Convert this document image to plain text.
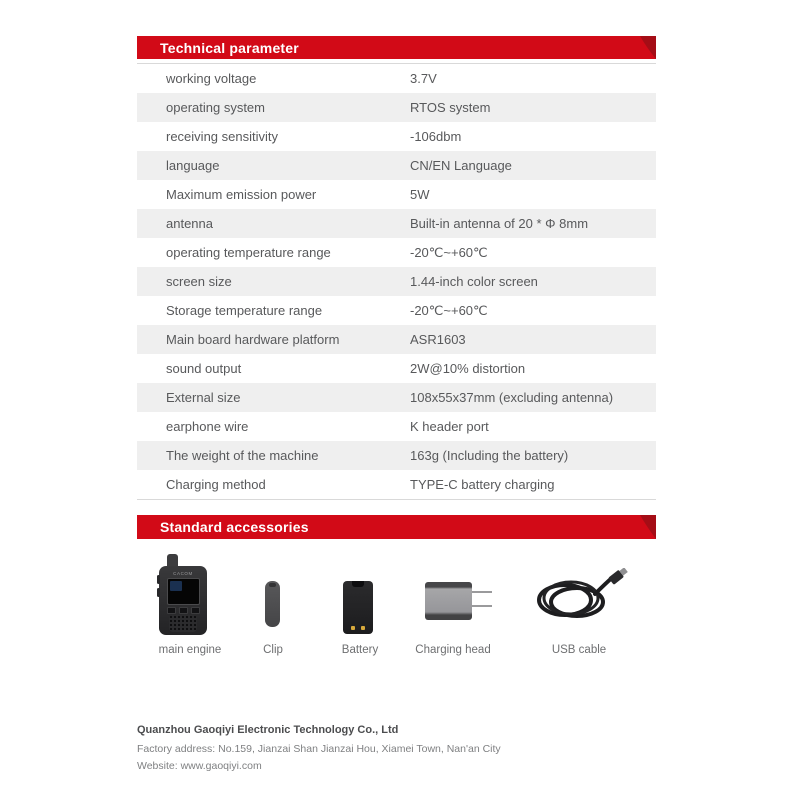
Technical parameter
working voltage	3.7V
operating system	RTOS system
receiving sensitivity	-106dbm
language	CN/EN Language
Maximum emission power	5W
antenna	Built-in antenna of 20 * Φ 8mm
operating temperature range	-20℃~+60℃
screen size	1.44-inch color screen
Storage temperature range	-20℃~+60℃
Main board hardware platform	ASR1603
sound output	2W@10% distortion
External size	108x55x37mm (excluding antenna)
earphone wire	K header port
The weight of the machine	163g (Including the battery)
Charging method	TYPE-C battery charging
Standard accessories
CACOM
main engine	Clip	Battery	Charging head	USB cable
Quanzhou Gaoqiyi Electronic Technology Co., Ltd
Factory address: No.159, Jianzai Shan Jianzai Hou, Xiamei Town, Nan'an City
Website: www.gaoqiyi.com
